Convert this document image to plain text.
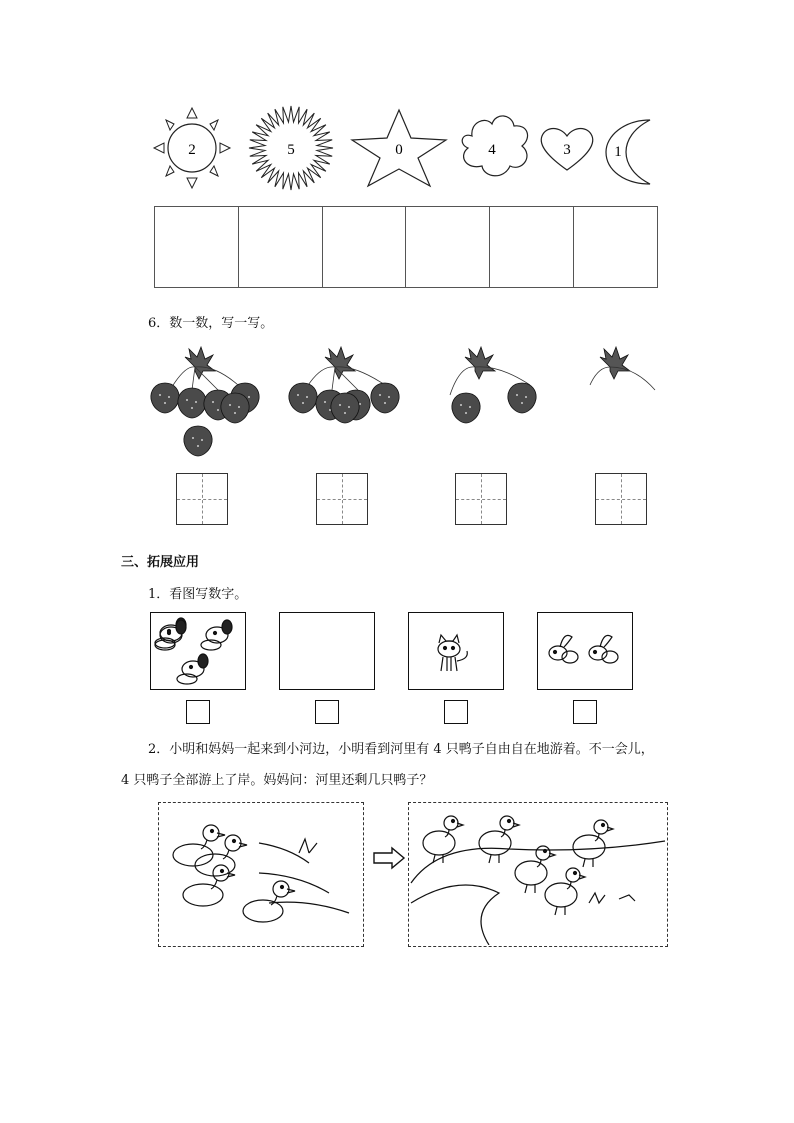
2	5	0	4	3	1
6．数一数，写一写。
三、拓展应用
1．看图写数字。
2．小明和妈妈一起来到小河边，小明看到河里有 4 只鸭子自由自在地游着。不一会儿，
4 只鸭子全部游上了岸。妈妈问：河里还剩几只鸭子？
